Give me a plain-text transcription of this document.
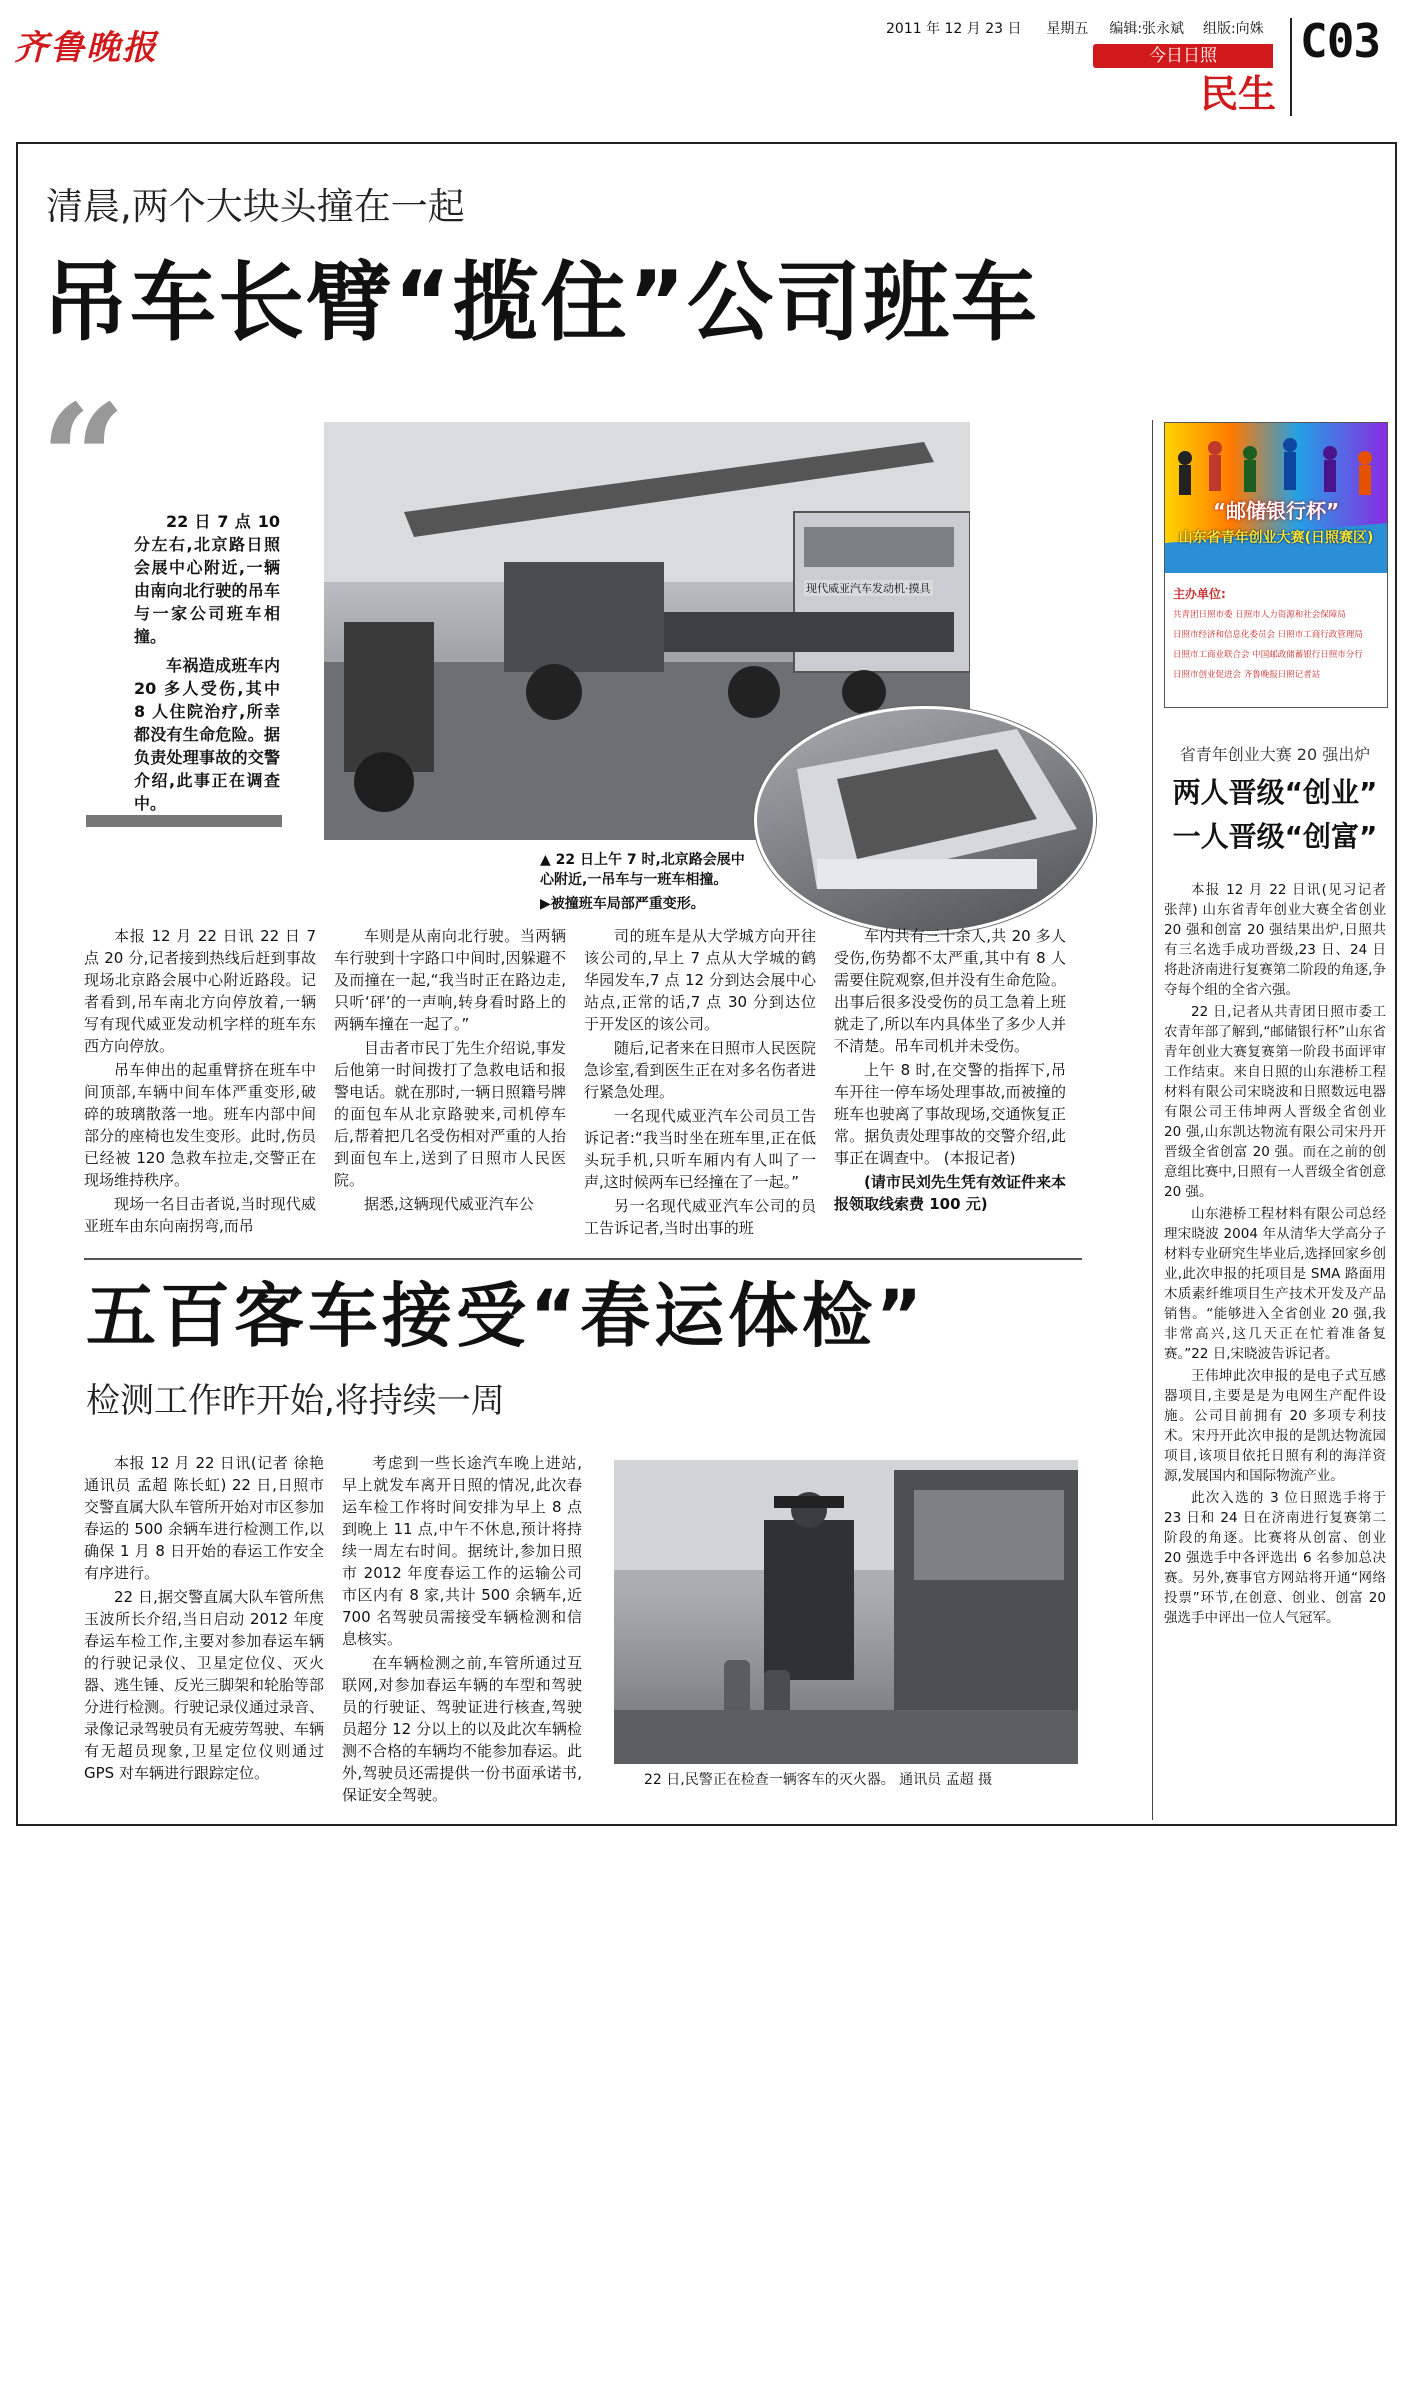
齐鲁晚报	2011 年 12 月 23 日 星期五 编辑:张永斌 组版:向姝
今日日照
民生
C03
清晨,两个大块头撞在一起
吊车长臂“揽住”公司班车
“	22 日 7 点 10 分左右,北京路日照会展中心附近,一辆由南向北行驶的吊车与一家公司班车相撞。

车祸造成班车内 20 多人受伤,其中 8 人住院治疗,所幸都没有生命危险。据负责处理事故的交警介绍,此事正在调查中。

现代威亚汽车发动机·摸具
▲ 22 日上午 7 时,北京路会展中心附近,一吊车与一班车相撞。
▶被撞班车局部严重变形。

本报 12 月 22 日讯 22 日 7 点 20 分,记者接到热线后赶到事故现场北京路会展中心附近路段。记者看到,吊车南北方向停放着,一辆写有现代威亚发动机字样的班车东西方向停放。

吊车伸出的起重臂挤在班车中间顶部,车辆中间车体严重变形,破碎的玻璃散落一地。班车内部中间部分的座椅也发生变形。此时,伤员已经被 120 急救车拉走,交警正在现场维持秩序。

现场一名目击者说,当时现代威亚班车由东向南拐弯,而吊

车则是从南向北行驶。当两辆车行驶到十字路口中间时,因躲避不及而撞在一起,“我当时正在路边走,只听‘砰’的一声响,转身看时路上的两辆车撞在一起了。”

目击者市民丁先生介绍说,事发后他第一时间拨打了急救电话和报警电话。就在那时,一辆日照籍号牌的面包车从北京路驶来,司机停车后,帮着把几名受伤相对严重的人抬到面包车上,送到了日照市人民医院。

据悉,这辆现代威亚汽车公

司的班车是从大学城方向开往该公司的,早上 7 点从大学城的鹤华园发车,7 点 12 分到达会展中心站点,正常的话,7 点 30 分到达位于开发区的该公司。

随后,记者来在日照市人民医院急诊室,看到医生正在对多名伤者进行紧急处理。

一名现代威亚汽车公司员工告诉记者:“我当时坐在班车里,正在低头玩手机,只听车厢内有人叫了一声,这时候两车已经撞在了一起。”

另一名现代威亚汽车公司的员工告诉记者,当时出事的班

车内共有三十余人,共 20 多人受伤,伤势都不太严重,其中有 8 人需要住院观察,但并没有生命危险。出事后很多没受伤的员工急着上班就走了,所以车内具体坐了多少人并不清楚。吊车司机并未受伤。

上午 8 时,在交警的指挥下,吊车开往一停车场处理事故,而被撞的班车也驶离了事故现场,交通恢复正常。据负责处理事故的交警介绍,此事正在调查中。 (本报记者)

(请市民刘先生凭有效证件来本报领取线索费 100 元)

五百客车接受“春运体检”
检测工作昨开始,将持续一周

本报 12 月 22 日讯(记者 徐艳 通讯员 孟超 陈长虹) 22 日,日照市交警直属大队车管所开始对市区参加春运的 500 余辆车进行检测工作,以确保 1 月 8 日开始的春运工作安全有序进行。

22 日,据交警直属大队车管所焦玉波所长介绍,当日启动 2012 年度春运车检工作,主要对参加春运车辆的行驶记录仪、卫星定位仪、灭火器、逃生锤、反光三脚架和轮胎等部分进行检测。行驶记录仪通过录音、录像记录驾驶员有无疲劳驾驶、车辆有无超员现象,卫星定位仪则通过 GPS 对车辆进行跟踪定位。

考虑到一些长途汽车晚上进站,早上就发车离开日照的情况,此次春运车检工作将时间安排为早上 8 点到晚上 11 点,中午不休息,预计将持续一周左右时间。据统计,参加日照市 2012 年度春运工作的运输公司市区内有 8 家,共计 500 余辆车,近 700 名驾驶员需接受车辆检测和信息核实。

在车辆检测之前,车管所通过互联网,对参加春运车辆的车型和驾驶员的行驶证、驾驶证进行核查,驾驶员超分 12 分以上的以及此次车辆检测不合格的车辆均不能参加春运。此外,驾驶员还需提供一份书面承诺书,保证安全驾驶。

22 日,民警正在检查一辆客车的灭火器。 通讯员 孟超 摄
“邮储银行杯”
山东省青年创业大赛(日照赛区)
主办单位:
共青团日照市委 日照市人力资源和社会保障局
日照市经济和信息化委员会 日照市工商行政管理局
日照市工商业联合会 中国邮政储蓄银行日照市分行
日照市创业促进会 齐鲁晚报日照记者站
省青年创业大赛 20 强出炉
两人晋级“创业”
一人晋级“创富”

本报 12 月 22 日讯(见习记者 张萍) 山东省青年创业大赛全省创业 20 强和创富 20 强结果出炉,日照共有三名选手成功晋级,23 日、24 日将赴济南进行复赛第二阶段的角逐,争夺每个组的全省六强。

22 日,记者从共青团日照市委工农青年部了解到,“邮储银行杯”山东省青年创业大赛复赛第一阶段书面评审工作结束。来自日照的山东港桥工程材料有限公司宋晓波和日照数远电器有限公司王伟坤两人晋级全省创业 20 强,山东凯达物流有限公司宋丹开晋级全省创富 20 强。而在之前的创意组比赛中,日照有一人晋级全省创意 20 强。

山东港桥工程材料有限公司总经理宋晓波 2004 年从清华大学高分子材料专业研究生毕业后,选择回家乡创业,此次申报的托项目是 SMA 路面用木质素纤维项目生产技术开发及产品销售。“能够进入全省创业 20 强,我非常高兴,这几天正在忙着准备复赛。”22 日,宋晓波告诉记者。

王伟坤此次申报的是电子式互感器项目,主要是是为电网生产配件设施。公司目前拥有 20 多项专利技术。宋丹开此次申报的是凯达物流园项目,该项目依托日照有利的海洋资源,发展国内和国际物流产业。

此次入选的 3 位日照选手将于 23 日和 24 日在济南进行复赛第二阶段的角逐。比赛将从创富、创业 20 强选手中各评选出 6 名参加总决赛。另外,赛事官方网站将开通“网络投票”环节,在创意、创业、创富 20 强选手中评出一位人气冠军。
